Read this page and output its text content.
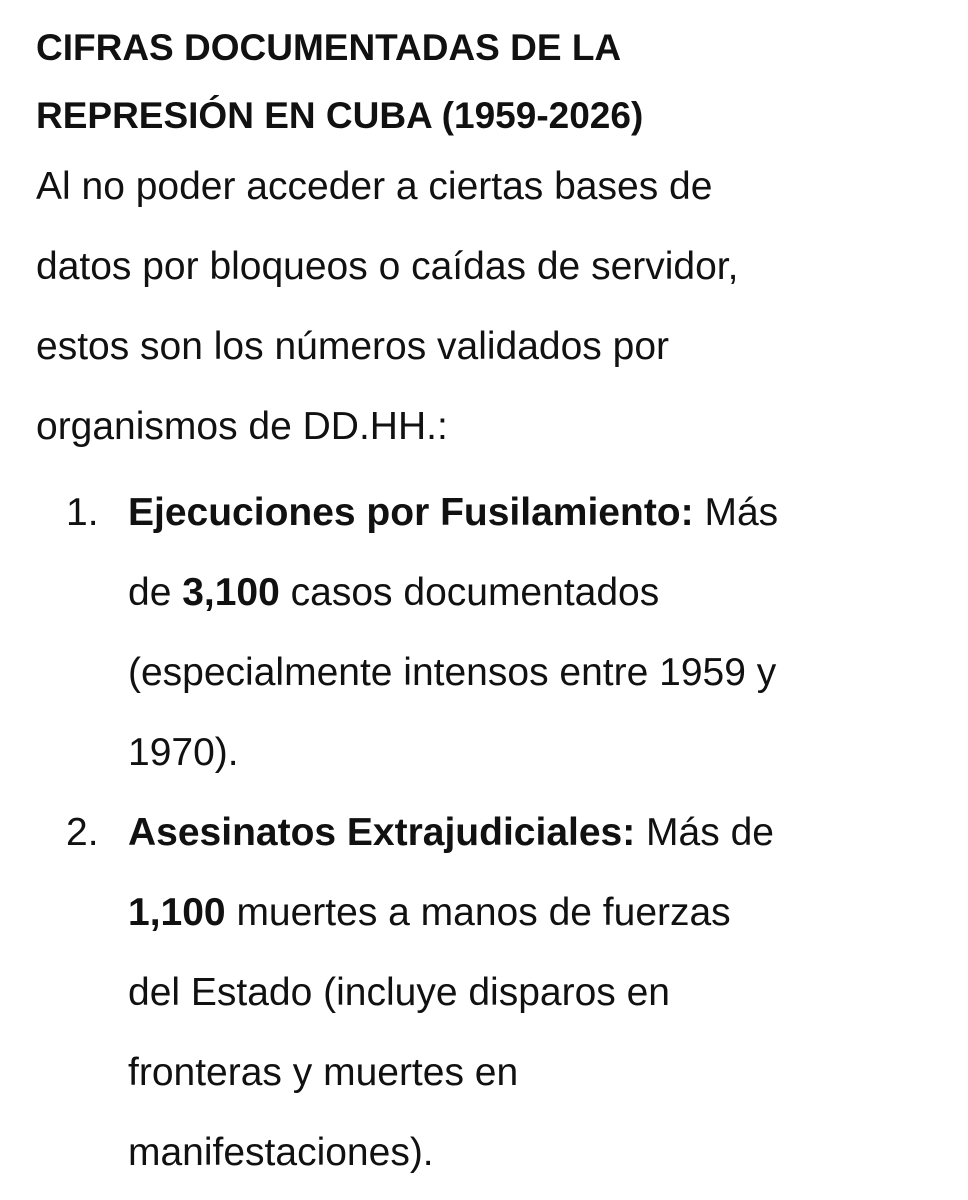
CIFRAS DOCUMENTADAS DE LA
REPRESIÓN EN CUBA (1959-2026)

Al no poder acceder a ciertas bases de
datos por bloqueos o caídas de servidor,
estos son los números validados por
organismos de DD.HH.:

1. Ejecuciones por Fusilamiento: Más
de 3,100 casos documentados
(especialmente intensos entre 1959 y
1970).
2. Asesinatos Extrajudiciales: Más de
1,100 muertes a manos de fuerzas
del Estado (incluye disparos en
fronteras y muertes en
manifestaciones).
